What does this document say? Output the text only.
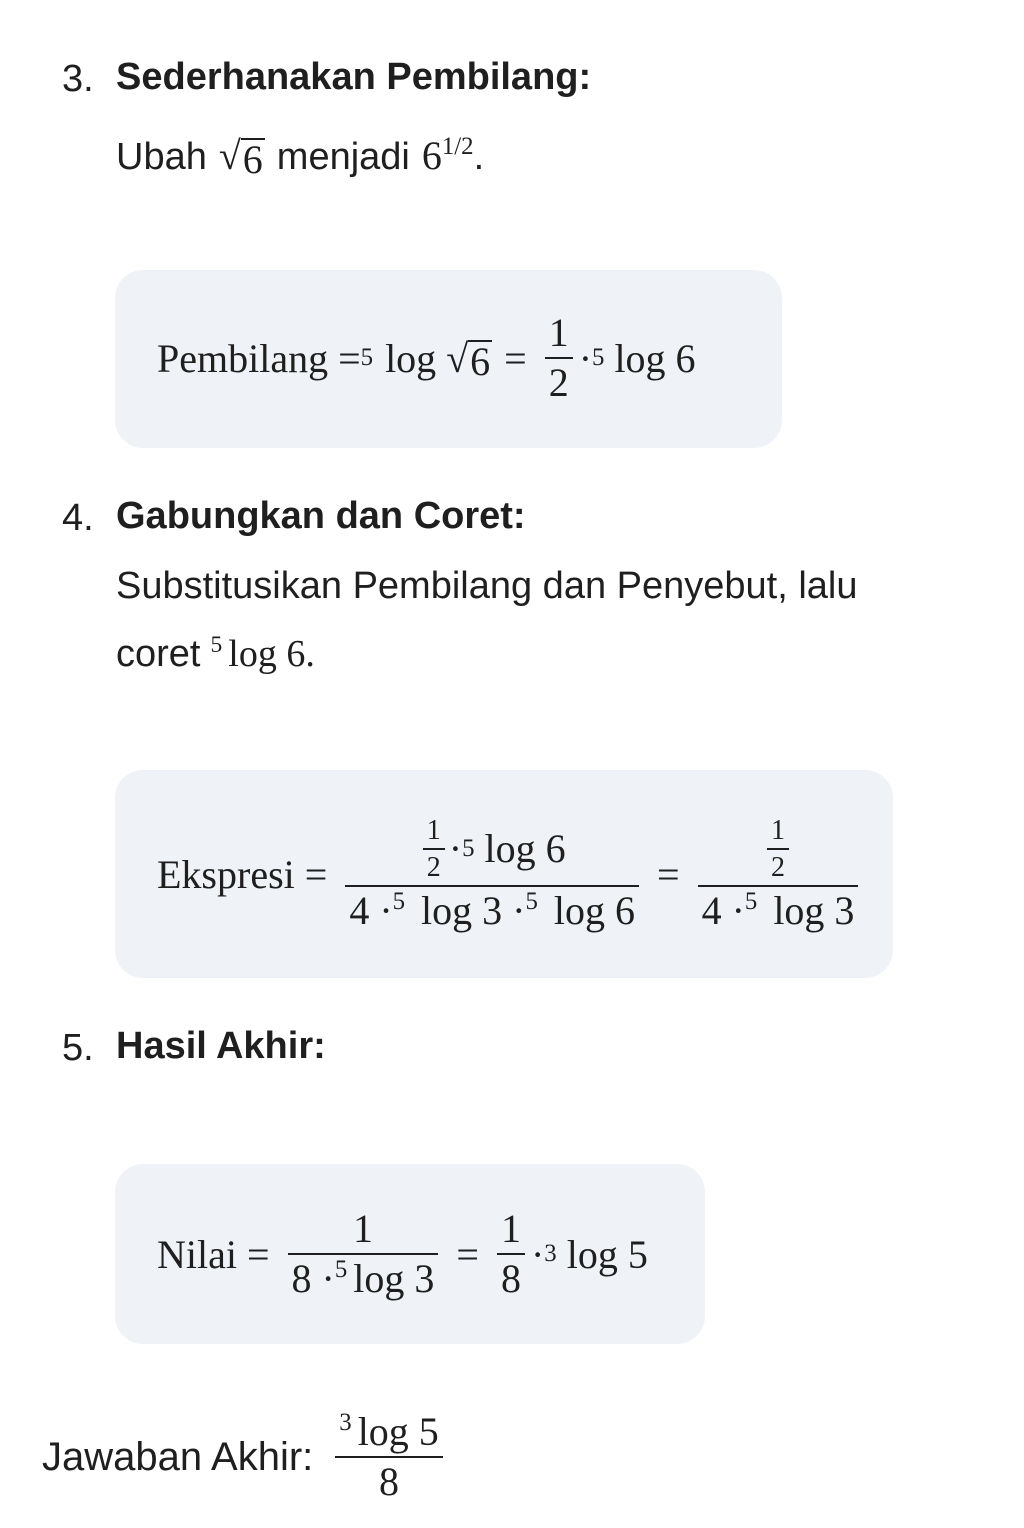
3. Sederhanakan Pembilang:
Ubah √ 6 menjadi $6^{1/2}$ .
Pembilang = 5 log √ $6 = \frac{1}{2} \cdot 5$ log 6
4. Gabungkan dan Coret:
Substitusikan Pembilang dan Penyebut, lalu
coret $^5$ log 6.
Ekspresi = $\frac{\frac{1}{2} \cdot 5 \log 6}{4 \cdot^5 \log 3 \cdot^5 \log 6} = \frac{\frac{1}{2}}{4 \cdot^5 \log 3}$
5. Hasil Akhir:
Nilai = $\frac{1}{8 \cdot^5 \log 3} = \frac{1}{8} \cdot 3$ log 5
Jawaban Akhir: $\frac{^3 \log 5}{8}$
